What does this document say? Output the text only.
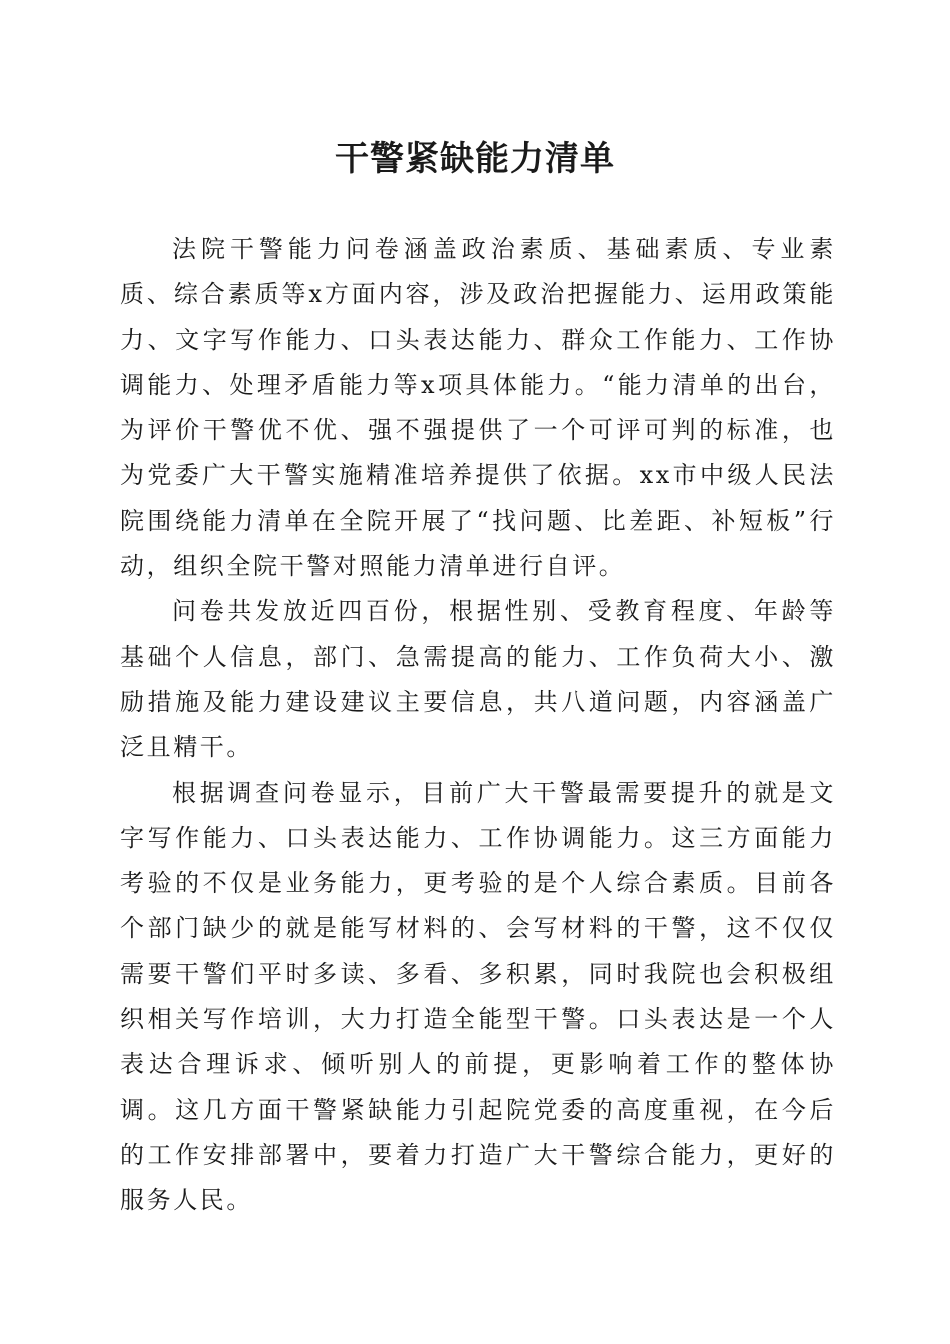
干警紧缺能力清单

法院干警能力问卷涵盖政治素质、基础素质、专业素质、综合素质等x方面内容，涉及政治把握能力、运用政策能力、文字写作能力、口头表达能力、群众工作能力、工作协调能力、处理矛盾能力等x项具体能力。“能力清单的出台，为评价干警优不优、强不强提供了一个可评可判的标准，也为党委广大干警实施精准培养提供了依据。xx市中级人民法院围绕能力清单在全院开展了“找问题、比差距、补短板”行动，组织全院干警对照能力清单进行自评。

问卷共发放近四百份，根据性别、受教育程度、年龄等基础个人信息，部门、急需提高的能力、工作负荷大小、激励措施及能力建设建议主要信息，共八道问题，内容涵盖广泛且精干。

根据调查问卷显示，目前广大干警最需要提升的就是文字写作能力、口头表达能力、工作协调能力。这三方面能力考验的不仅是业务能力，更考验的是个人综合素质。目前各个部门缺少的就是能写材料的、会写材料的干警，这不仅仅需要干警们平时多读、多看、多积累，同时我院也会积极组织相关写作培训，大力打造全能型干警。口头表达是一个人表达合理诉求、倾听别人的前提，更影响着工作的整体协调。这几方面干警紧缺能力引起院党委的高度重视，在今后的工作安排部署中，要着力打造广大干警综合能力，更好的服务人民。
